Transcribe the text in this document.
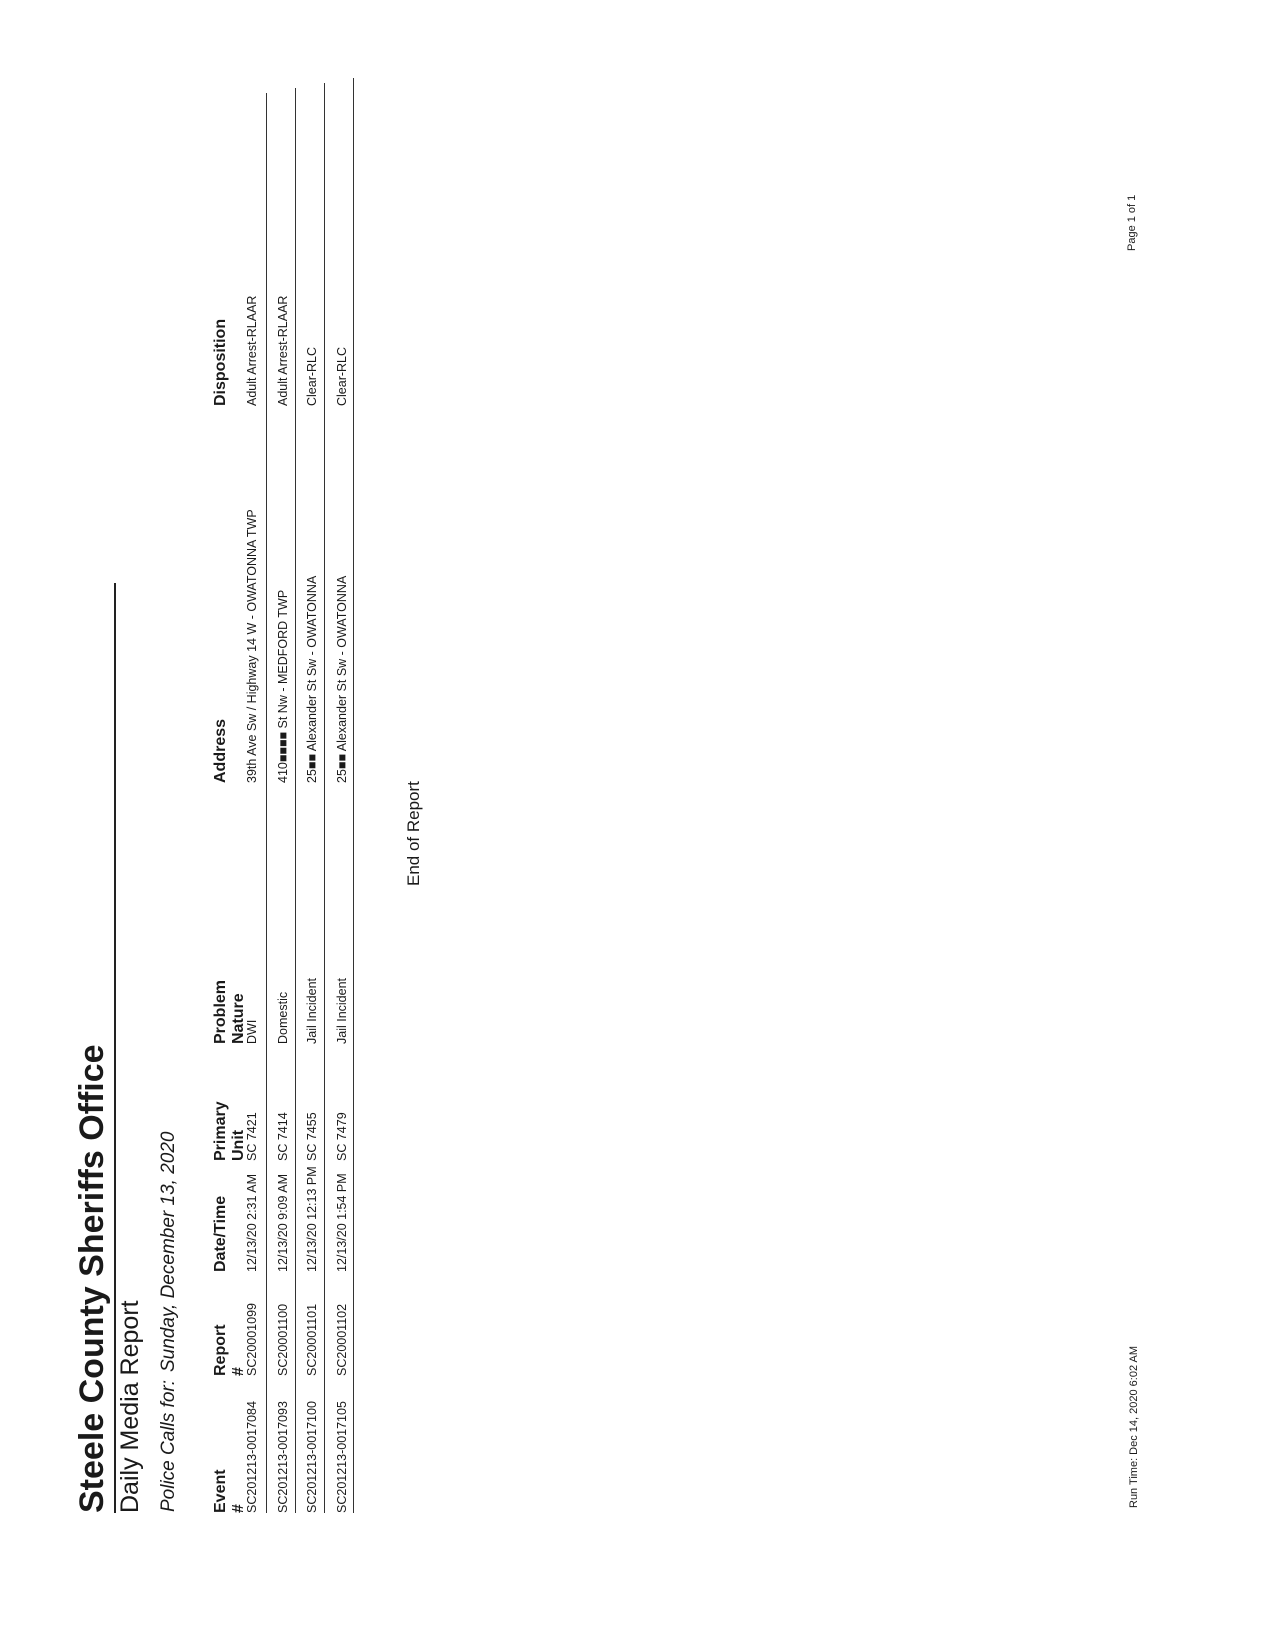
Steele County Sheriffs Office Daily Media Report Police Calls for:Sunday, December 13, 2020
Event #
Report #
Date/Time
Primary Unit
Problem Nature
Address
Disposition
SC201213-0017084
SC20001099
12/13/20 2:31 AM
SC 7421
DWI
39th Ave Sw / Highway 14 W - OWATONNA TWP
Adult Arrest-RLAAR
SC201213-0017093
SC20001100
12/13/20 9:09 AM
SC 7414
Domestic
410■■■■ St Nw - MEDFORD TWP
Adult Arrest-RLAAR
SC201213-0017100
SC20001101
12/13/20 12:13 PM
SC 7455
Jail Incident
25■■ Alexander St Sw - OWATONNA
Clear-RLC
SC201213-0017105
SC20001102
12/13/20 1:54 PM
SC 7479
Jail Incident
25■■ Alexander St Sw - OWATONNA
Clear-RLC
End of Report
Run Time: Dec 14, 2020 6:02 AM
Page 1 of 1
